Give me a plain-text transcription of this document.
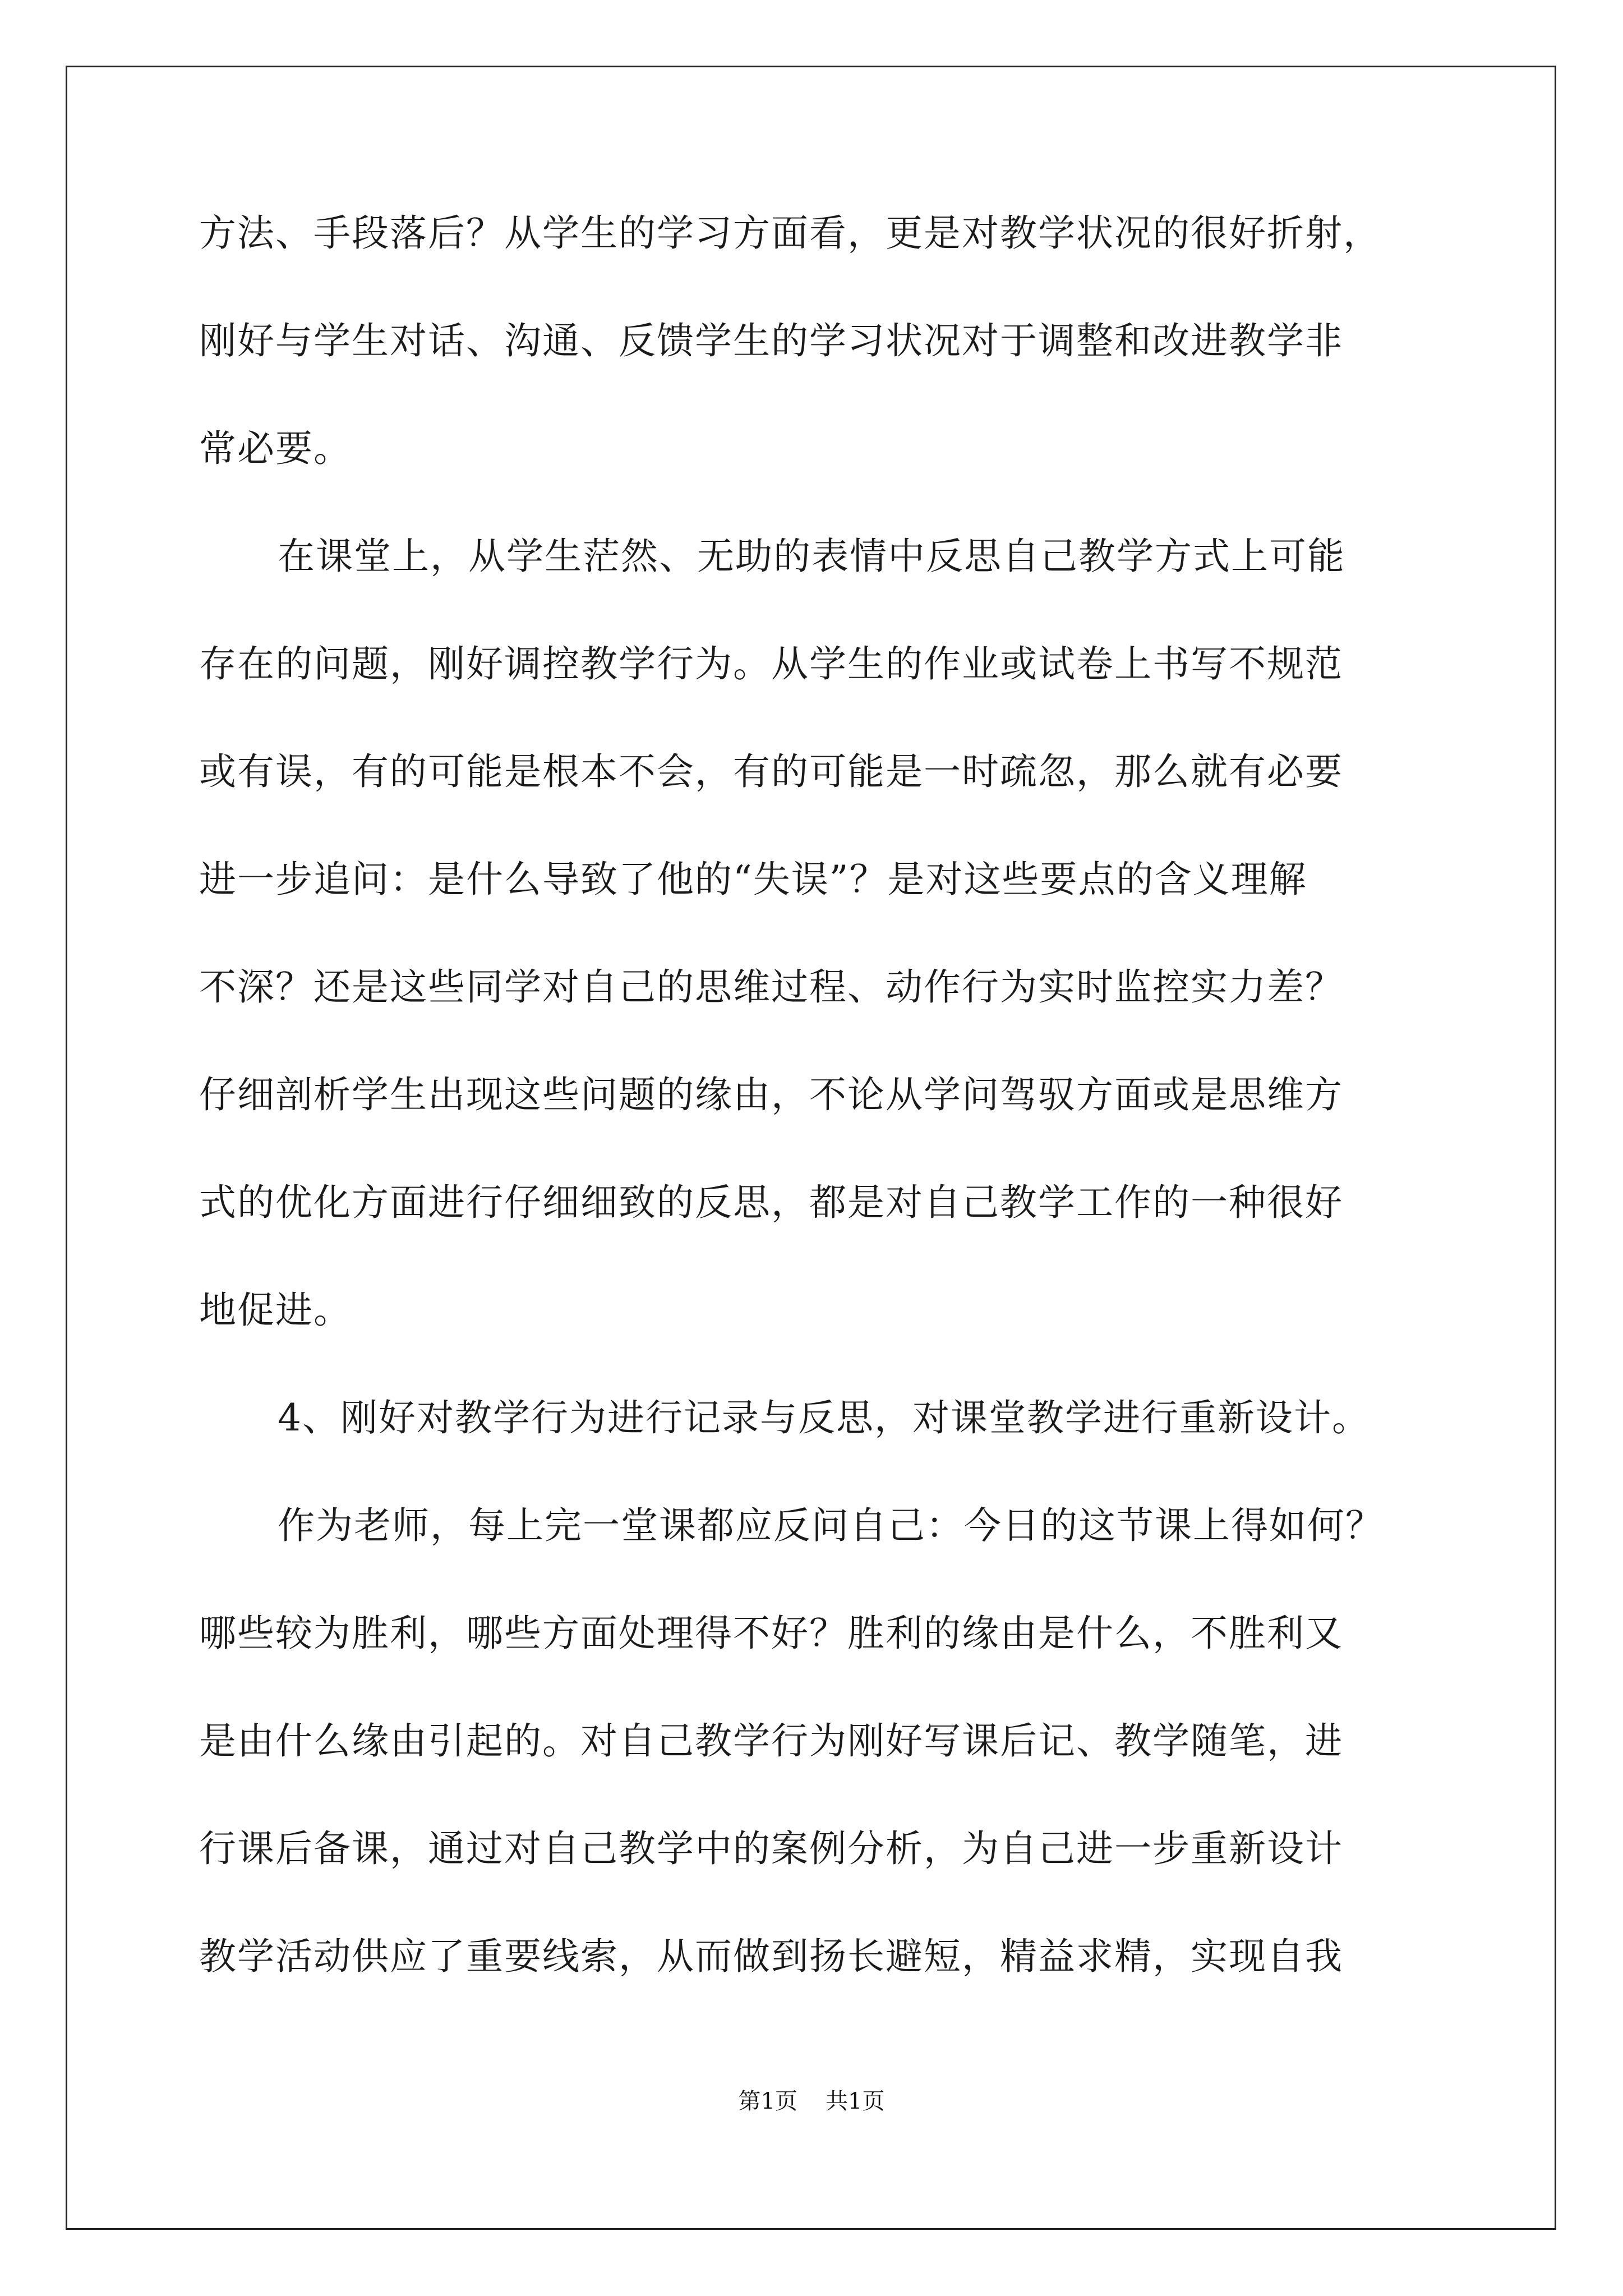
方法、手段落后？从学生的学习方面看，更是对教学状况的很好折射，
刚好与学生对话、沟通、反馈学生的学习状况对于调整和改进教学非
常必要。
在课堂上，从学生茫然、无助的表情中反思自己教学方式上可能
存在的问题，刚好调控教学行为。从学生的作业或试卷上书写不规范
或有误，有的可能是根本不会，有的可能是一时疏忽，那么就有必要
进一步追问：是什么导致了他的“失误”？是对这些要点的含义理解
不深？还是这些同学对自己的思维过程、动作行为实时监控实力差？
仔细剖析学生出现这些问题的缘由，不论从学问驾驭方面或是思维方
式的优化方面进行仔细细致的反思，都是对自己教学工作的一种很好
地促进。
4、刚好对教学行为进行记录与反思，对课堂教学进行重新设计。
作为老师，每上完一堂课都应反问自己：今日的这节课上得如何？
哪些较为胜利，哪些方面处理得不好？胜利的缘由是什么，不胜利又
是由什么缘由引起的。对自己教学行为刚好写课后记、教学随笔，进
行课后备课，通过对自己教学中的案例分析，为自己进一步重新设计
教学活动供应了重要线索，从而做到扬长避短，精益求精，实现自我
第1页 共1页
